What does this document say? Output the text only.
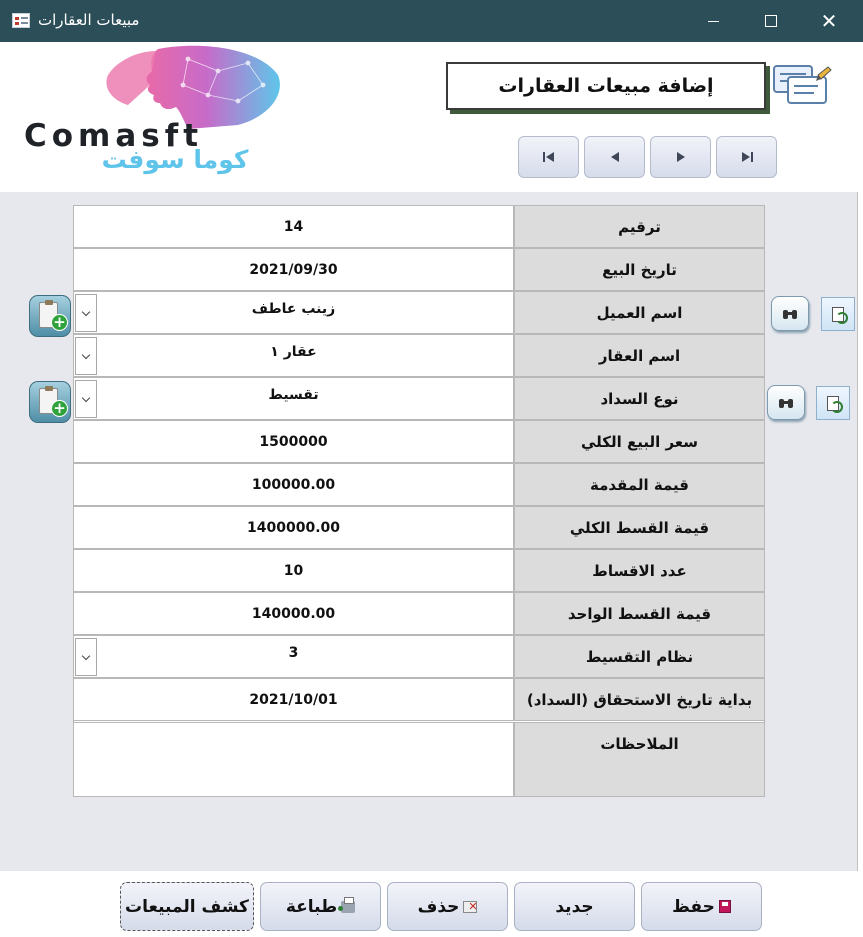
مبيعات العقارات	✕
Comasft
كوما سوفت
إضافة مبيعات العقارات
14	ترقيم
2021/09/30	تاريخ البيع
زينب عاطف	اسم العميل
عقار ١	اسم العقار
تقسيط	نوع السداد
1500000	سعر البيع الكلي
100000.00	قيمة المقدمة
1400000.00	قيمة القسط الكلي
10	عدد الاقساط
140000.00	قيمة القسط الواحد
3	نظام التقسيط
2021/10/01	بداية تاريخ الاستحقاق (السداد)
الملاحظات
+
+
كشف المبيعات طباعة
✕	حذف	جديد	حفظ
